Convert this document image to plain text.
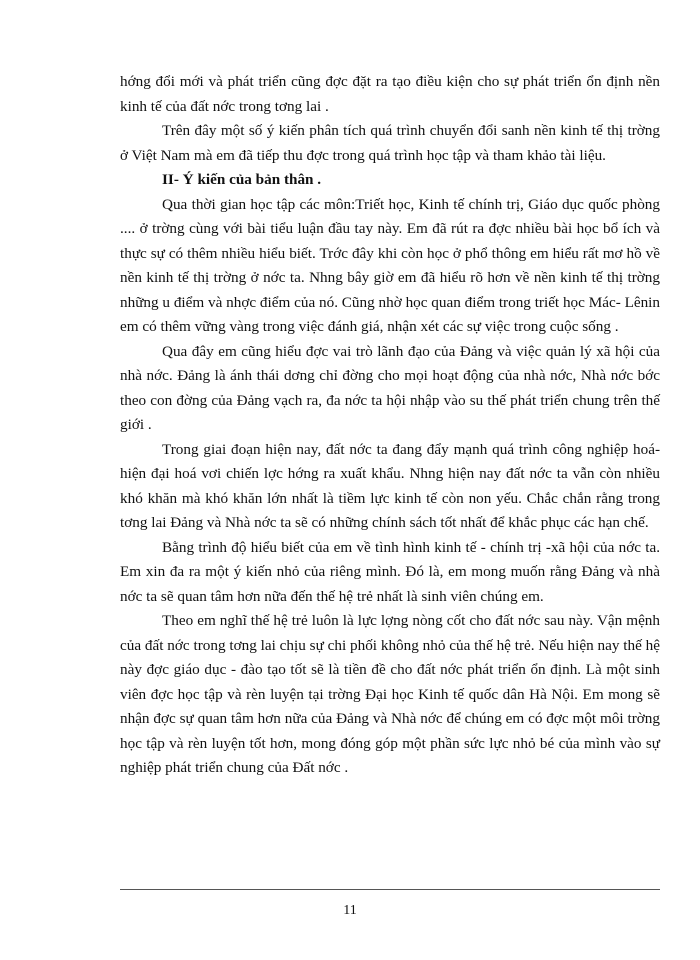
hớng đổi mới và phát triển cũng đợc đặt ra tạo điều kiện cho sự phát triển ổn định nền kinh tế của đất nớc trong tơng lai .

Trên đây một số ý kiến phân tích quá trình chuyển đổi sanh nền kinh tế thị trờng ở Việt Nam mà em đã tiếp thu đợc trong quá trình học tập và tham khảo tài liệu.

II- Ý kiến của bản thân .

Qua thời gian học tập các môn:Triết học, Kinh tế chính trị, Giáo dục quốc phòng .... ở trờng cùng với bài tiểu luận đầu tay này. Em đã rút ra đợc nhiều bài học bổ ích và thực sự có thêm nhiều hiểu biết. Trớc đây khi còn học ở phổ thông em hiểu rất mơ hồ về nền kinh tế thị trờng ở nớc ta. Nhng bây giờ em đã hiểu rõ hơn về nền kinh tế thị trờng những u điểm và nhợc điểm của nó. Cũng nhờ học quan điểm trong triết học Mác- Lênin em có thêm vững vàng trong việc đánh giá, nhận xét các sự việc trong cuộc sống .

Qua đây em cũng hiểu đợc vai trò lãnh đạo của Đảng và việc quản lý xã hội của nhà nớc. Đảng là ánh thái dơng chỉ đờng cho mọi hoạt động của nhà nớc, Nhà nớc bớc theo con đờng của Đảng vạch ra, đa nớc ta hội nhập vào su thế phát triển chung trên thế giới .

Trong giai đoạn hiện nay, đất nớc ta đang đẩy mạnh quá trình công nghiệp hoá- hiện đại hoá vơi chiến lợc hớng ra xuất khẩu. Nhng hiện nay đất nớc ta vẫn còn nhiều khó khăn mà khó khăn lớn nhất là tiềm lực kinh tế còn non yếu. Chắc chắn rằng trong tơng lai Đảng và Nhà nớc ta sẽ có những chính sách tốt nhất để khắc phục các hạn chế.

Bằng trình độ hiểu biết của em về tình hình kinh tế - chính trị -xã hội của nớc ta. Em xin đa ra một ý kiến nhỏ của riêng mình. Đó là, em mong muốn rằng Đảng và nhà nớc ta sẽ quan tâm hơn nữa đến thế hệ trẻ nhất là sinh viên chúng em.

Theo em nghĩ thế hệ trẻ luôn là lực lợng nòng cốt cho đất nớc sau này. Vận mệnh của đất nớc trong tơng lai chịu sự chi phối không nhỏ của thế hệ trẻ. Nếu hiện nay thế hệ này đợc giáo dục - đào tạo tốt sẽ là tiền đề cho đất nớc phát triển ổn định. Là một sinh viên đợc học tập và rèn luyện tại trờng Đại học Kinh tế quốc dân Hà Nội. Em mong sẽ nhận đợc sự quan tâm hơn nữa của Đảng và Nhà nớc để chúng em có đợc một môi trờng học tập và rèn luyện tốt hơn, mong đóng góp một phần sức lực nhỏ bé của mình vào sự nghiệp phát triển chung của Đất nớc .

11
